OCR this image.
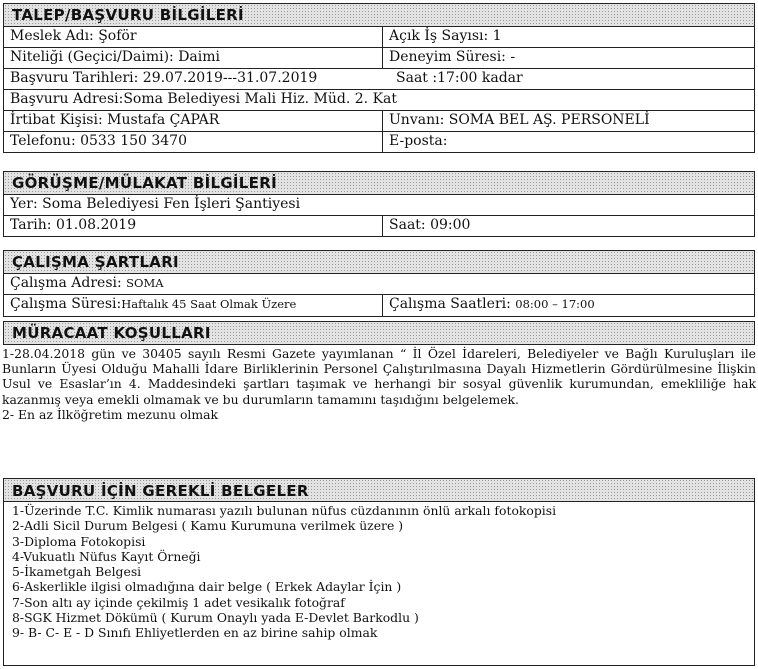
TALEP/BAŞVURU BİLGİLERİ
Meslek Adı: Şoför	Açık İş Sayısı: 1
Niteliği (Geçici/Daimi): Daimi	Deneyim Süresi: -
Başvuru Tarihleri: 29.07.2019---31.07.2019	Saat :17:00 kadar
Başvuru Adresi:Soma Belediyesi Mali Hiz. Müd. 2. Kat
İrtibat Kişisi: Mustafa ÇAPAR	Unvanı: SOMA BEL AŞ. PERSONELİ
Telefonu: 0533 150 3470	E-posta:
GÖRÜŞME/MÜLAKAT BİLGİLERİ
Yer: Soma Belediyesi Fen İşleri Şantiyesi
Tarih: 01.08.2019	Saat: 09:00
ÇALIŞMA ŞARTLARI
Çalışma Adresi: SOMA
Çalışma Süresi:Haftalık 45 Saat Olmak Üzere	Çalışma Saatleri: 08:00 – 17:00
MÜRACAAT KOŞULLARI

1-28.04.2018 gün ve 30405 sayılı Resmi Gazete yayımlanan “ İl Özel İdareleri, Belediyeler ve Bağlı Kuruluşları ile Bunların Üyesi Olduğu Mahalli İdare Birliklerinin Personel Çalıştırılmasına Dayalı Hizmetlerin Gördürülmesine İlişkin Usul ve Esaslar’ın 4. Maddesindeki şartları taşımak ve herhangi bir sosyal güvenlik kurumundan, emekliliğe hak kazanmış veya emekli olmamak ve bu durumların tamamını taşıdığını belgelemek.

2- En az İlköğretim mezunu olmak

BAŞVURU İÇİN GEREKLİ BELGELER
1-Üzerinde T.C. Kimlik numarası yazılı bulunan nüfus cüzdanının önlü arkalı fotokopisi
2-Adli Sicil Durum Belgesi ( Kamu Kurumuna verilmek üzere )
3-Diploma Fotokopisi
4-Vukuatlı Nüfus Kayıt Örneği
5-İkametgah Belgesi
6-Askerlikle ilgisi olmadığına dair belge ( Erkek Adaylar İçin )
7-Son altı ay içinde çekilmiş 1 adet vesikalık fotoğraf
8-SGK Hizmet Dökümü ( Kurum Onaylı yada E-Devlet Barkodlu )
9- B- C- E - D Sınıfı Ehliyetlerden en az birine sahip olmak
